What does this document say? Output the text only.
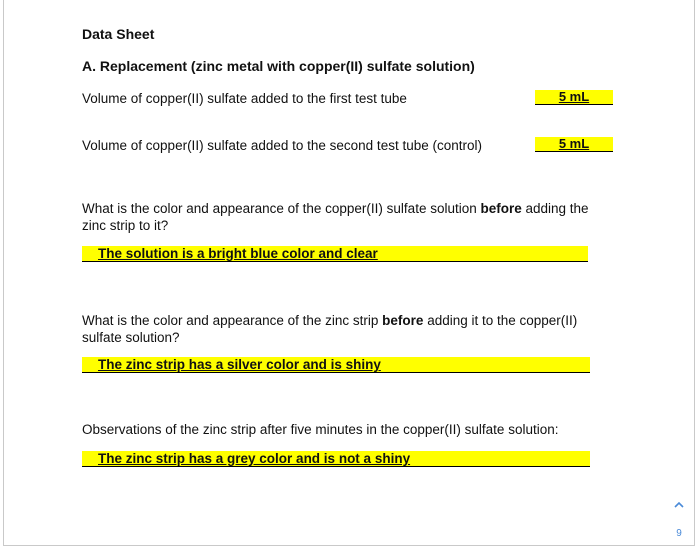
Data Sheet
A. Replacement (zinc metal with copper(II) sulfate solution)
Volume of copper(II) sulfate added to the first test tube	5 mL
Volume of copper(II) sulfate added to the second test tube (control)	5 mL
What is the color and appearance of the copper(II) sulfate solution before adding the zinc strip to it?
The solution is a bright blue color and clear
What is the color and appearance of the zinc strip before adding it to the copper(II) sulfate solution?
The zinc strip has a silver color and is shiny
Observations of the zinc strip after five minutes in the copper(II) sulfate solution:
The zinc strip has a grey color and is not a shiny
9
